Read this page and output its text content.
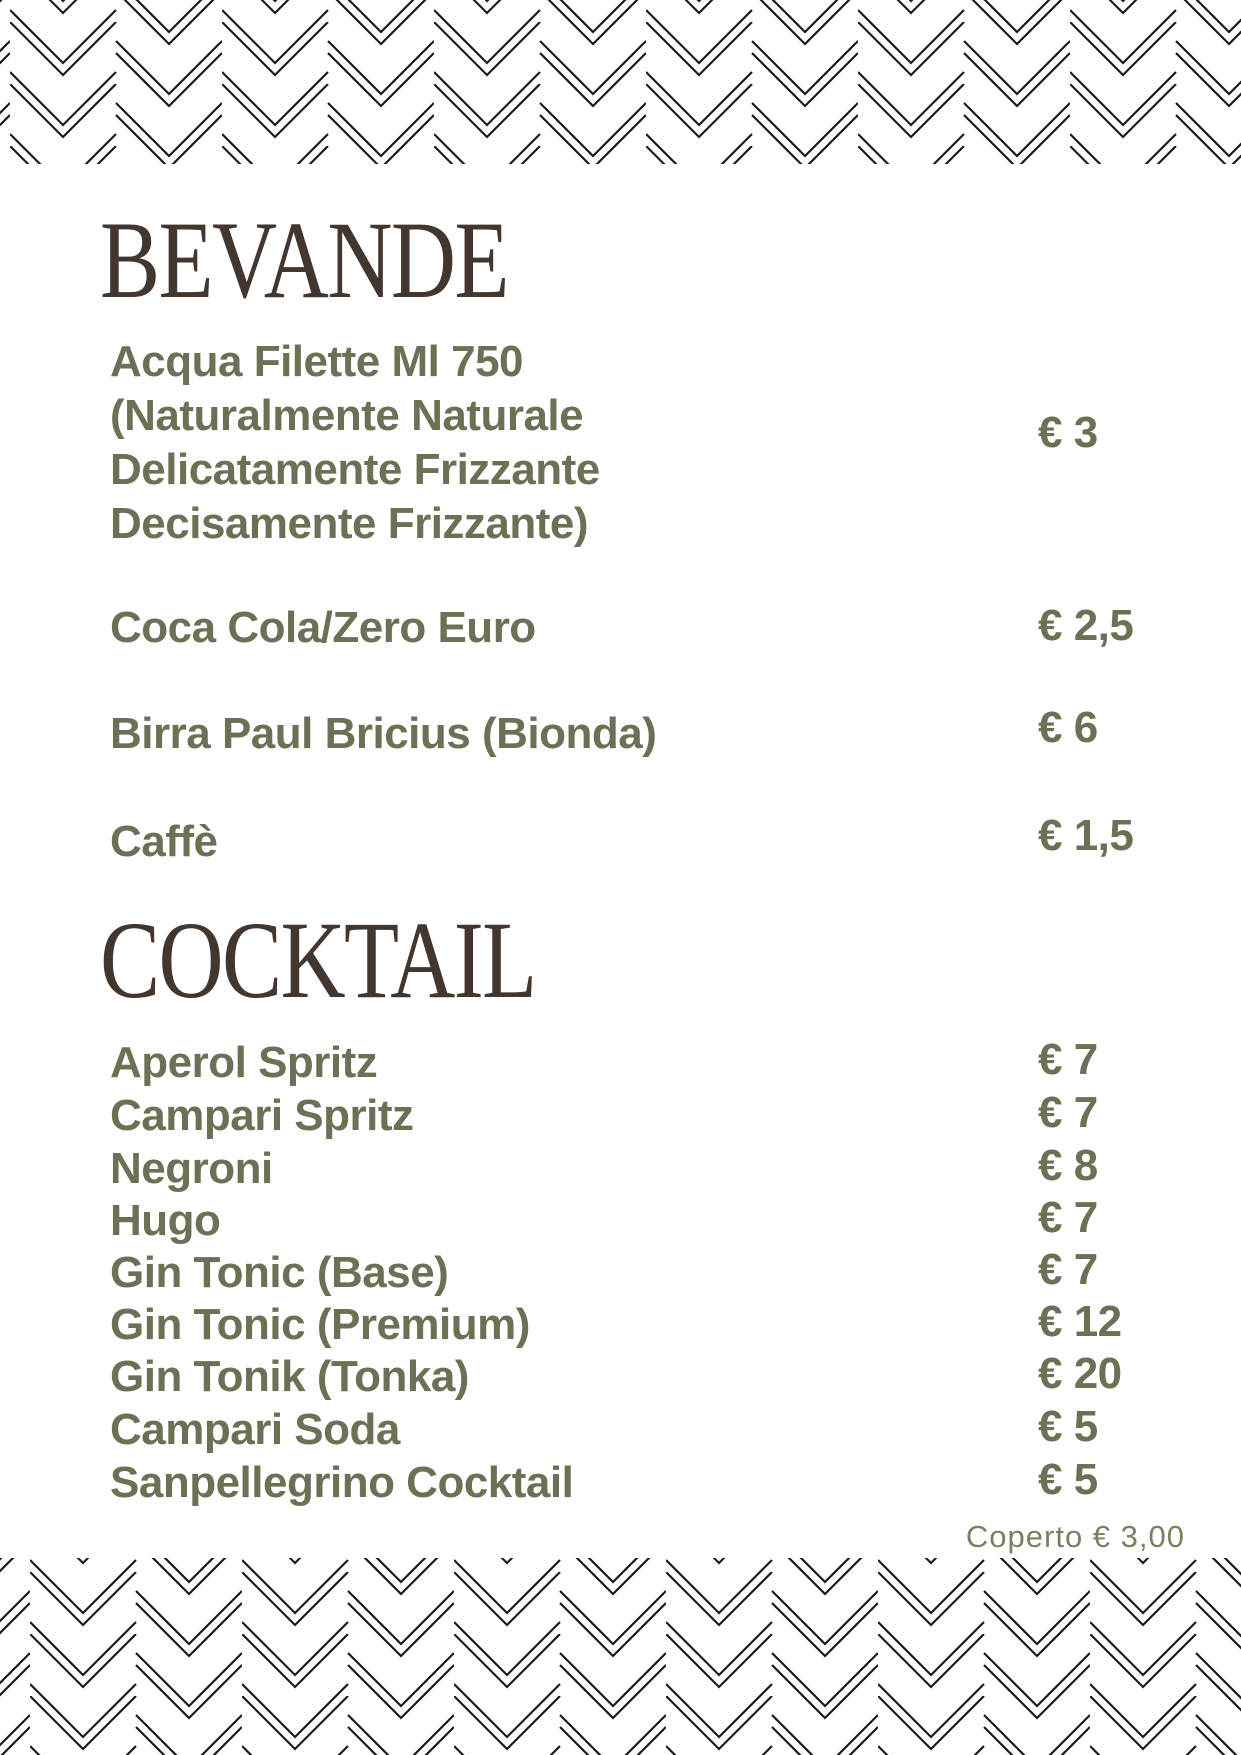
BEVANDE
Acqua Filette Ml 750
(Naturalmente Naturale
Delicatamente Frizzante
Decisamente Frizzante)
€ 3
Coca Cola/Zero Euro	€ 2,5
Birra Paul Bricius (Bionda)	€ 6
Caffè	€ 1,5
COCKTAIL
Aperol Spritz	€ 7
Campari Spritz	€ 7
Negroni	€ 8
Hugo	€ 7
Gin Tonic (Base)	€ 7
Gin Tonic (Premium)	€ 12
Gin Tonik (Tonka)	€ 20
Campari Soda	€ 5
Sanpellegrino Cocktail	€ 5
Coperto € 3,00
